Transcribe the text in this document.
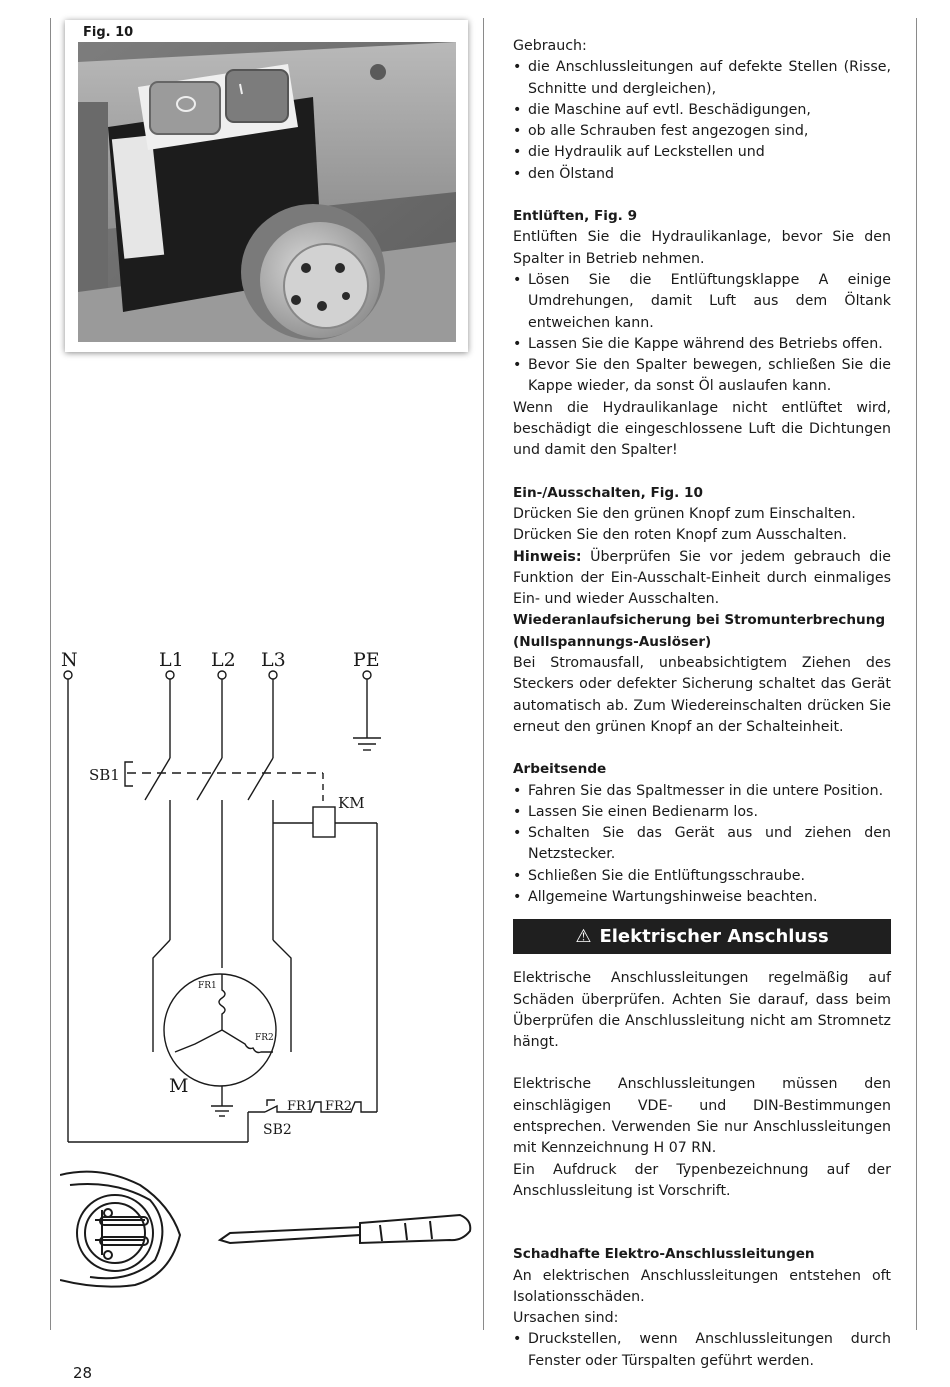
Fig. 10

Gebrauch:

• die Anschlussleitungen auf defekte Stellen (Risse, Schnitte und dergleichen),
• die Maschine auf evtl. Beschädigungen,
• ob alle Schrauben fest angezogen sind,
• die Hydraulik auf Leckstellen und
• den Ölstand

Entlüften, Fig. 9

Entlüften Sie die Hydraulikanlage, bevor Sie den Spalter in Betrieb nehmen.

• Lösen Sie die Entlüftungsklappe A einige Umdrehungen, damit Luft aus dem Öltank entweichen kann.
• Lassen Sie die Kappe während des Betriebs offen.
• Bevor Sie den Spalter bewegen, schließen Sie die Kappe wieder, da sonst Öl auslaufen kann.

Wenn die Hydraulikanlage nicht entlüftet wird, beschädigt die eingeschlossene Luft die Dichtungen und damit den Spalter!

Ein-/Ausschalten, Fig. 10

Drücken Sie den grünen Knopf zum Einschalten.

Drücken Sie den roten Knopf zum Ausschalten.

Hinweis: Überprüfen Sie vor jedem gebrauch die Funktion der Ein-Ausschalt-Einheit durch einmaliges Ein- und wieder Ausschalten.

Wiederanlaufsicherung bei Stromunterbrechung (Nullspannungs-Auslöser)

Bei Stromausfall, unbeabsichtigtem Ziehen des Steckers oder defekter Sicherung schaltet das Gerät automatisch ab. Zum Wiedereinschalten drücken Sie erneut den grünen Knopf an der Schalteinheit.

Arbeitsende

• Fahren Sie das Spaltmesser in die untere Position.
• Lassen Sie einen Bedienarm los.
• Schalten Sie das Gerät aus und ziehen den Netzstecker.
• Schließen Sie die Entlüftungsschraube.
• Allgemeine Wartungshinweise beachten.
⚠ Elektrischer Anschluss

Elektrische Anschlussleitungen regelmäßig auf Schäden überprüfen. Achten Sie darauf, dass beim Überprüfen die Anschlussleitung nicht am Stromnetz hängt.

Elektrische Anschlussleitungen müssen den einschlägigen VDE- und DIN-Bestimmungen entsprechen. Verwenden Sie nur Anschlussleitungen mit Kennzeichnung H 07 RN.

Ein Aufdruck der Typenbezeichnung auf der Anschlussleitung ist Vorschrift.

Schadhafte Elektro-Anschlussleitungen

An elektrischen Anschlussleitungen entstehen oft Isolationsschäden.

Ursachen sind:

• Druckstellen, wenn Anschlussleitungen durch Fenster oder Türspalten geführt werden.
N	L1 L2 L3	PE
SB1
KM
FR1
FR2
M
SB2
FR1 FR2
28
